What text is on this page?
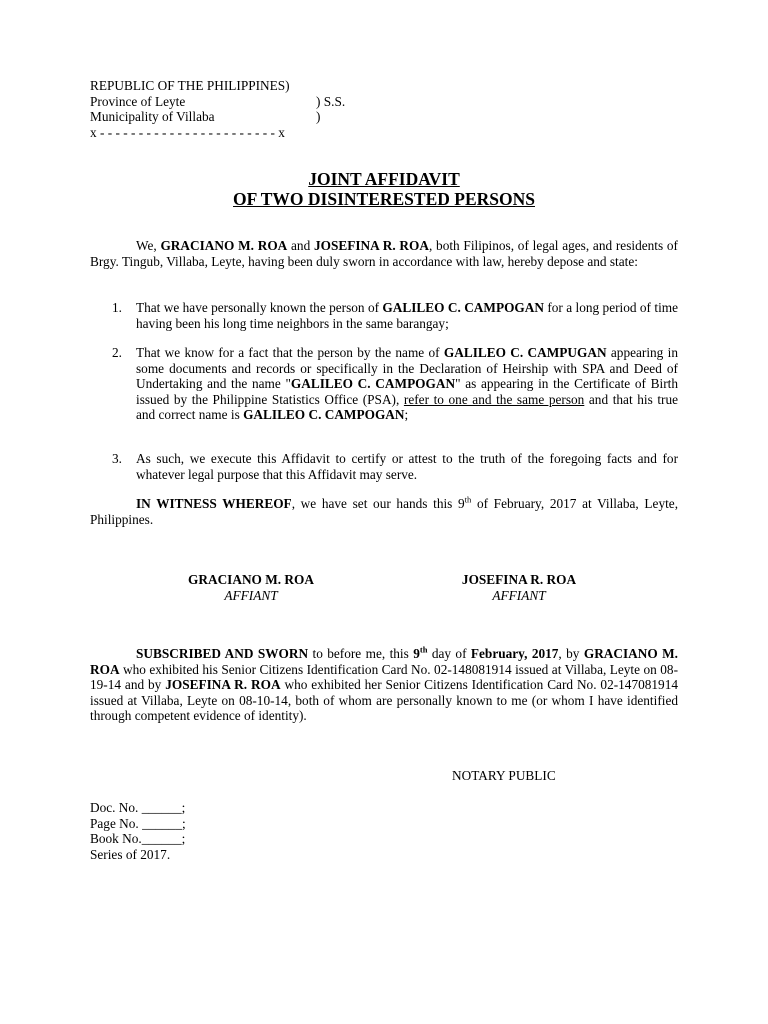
REPUBLIC OF THE PHILIPPINES)
Province of Leyte	) S.S.
Municipality of Villaba	)
x - - - - - - - - - - - - - - - - - - - - - - - x
JOINT AFFIDAVIT
OF TWO DISINTERESTED PERSONS
We, GRACIANO M. ROA and JOSEFINA R. ROA, both Filipinos, of legal ages, and residents of Brgy. Tingub, Villaba, Leyte, having been duly sworn in accordance with law, hereby depose and state:
1. That we have personally known the person of GALILEO C. CAMPOGAN for a long period of time having been his long time neighbors in the same barangay;
2. That we know for a fact that the person by the name of GALILEO C. CAMPUGAN appearing in some documents and records or specifically in the Declaration of Heirship with SPA and Deed of Undertaking and the name "GALILEO C. CAMPOGAN" as appearing in the Certificate of Birth issued by the Philippine Statistics Office (PSA), refer to one and the same person and that his true and correct name is GALILEO C. CAMPOGAN;
3. As such, we execute this Affidavit to certify or attest to the truth of the foregoing facts and for whatever legal purpose that this Affidavit may serve.
IN WITNESS WHEREOF, we have set our hands this 9th of February, 2017 at Villaba, Leyte, Philippines.
GRACIANO M. ROA
AFFIANT
JOSEFINA R. ROA
AFFIANT
SUBSCRIBED AND SWORN to before me, this 9th day of February, 2017, by GRACIANO M. ROA who exhibited his Senior Citizens Identification Card No. 02-148081914 issued at Villaba, Leyte on 08-19-14 and by JOSEFINA R. ROA who exhibited her Senior Citizens Identification Card No. 02-147081914 issued at Villaba, Leyte on 08-10-14, both of whom are personally known to me (or whom I have identified through competent evidence of identity).
NOTARY PUBLIC
Doc. No. ______;
Page No. ______;
Book No.______;
Series of 2017.
